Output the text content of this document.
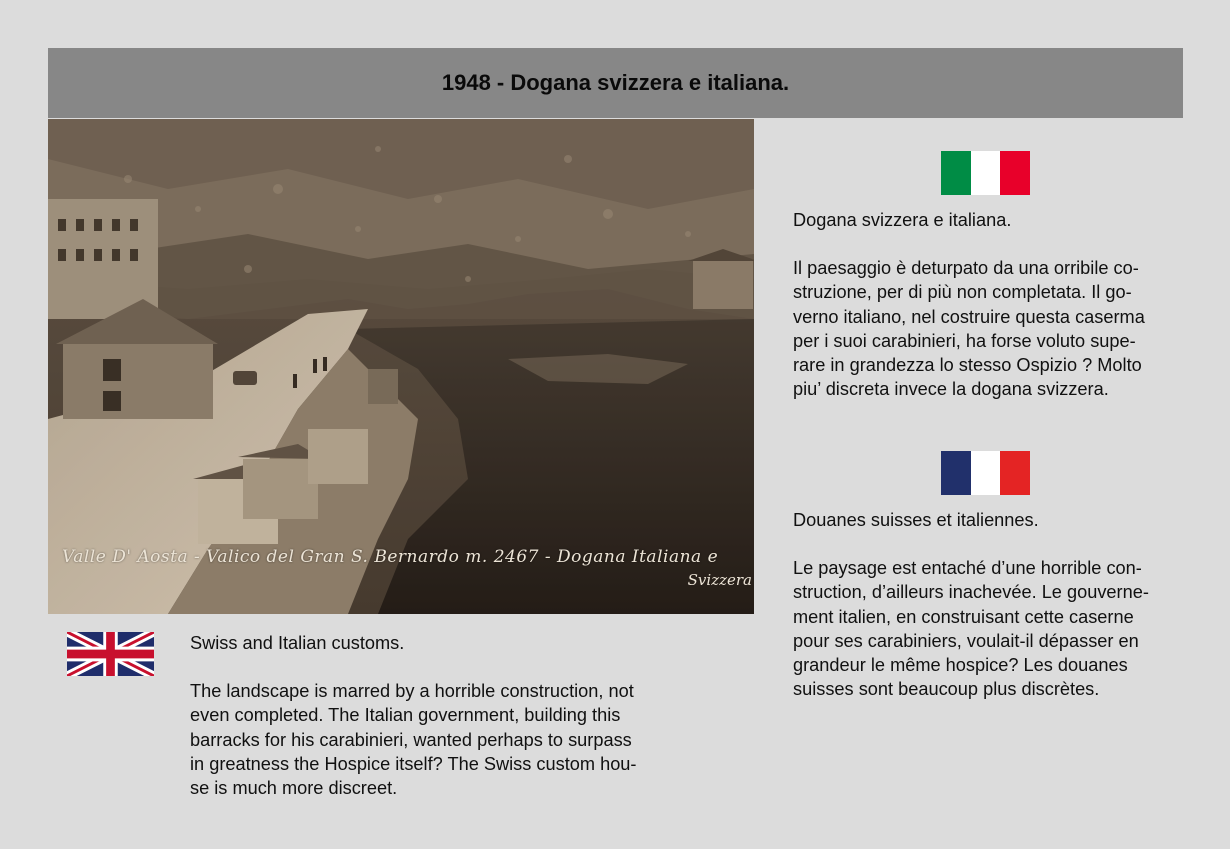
1948 - Dogana svizzera e italiana.
Valle D' Aosta - Valico del Gran S. Bernardo m. 2467 - Dogana Italiana e
Svizzera

Dogana svizzera e italiana.

Il paesaggio è deturpato da una orribile co-

struzione, per di più non completata. Il go-

verno italiano, nel costruire questa caserma

per i suoi carabinieri, ha forse voluto supe-

rare in grandezza lo stesso Ospizio ? Molto

piu’ discreta invece la dogana svizzera.

Douanes suisses et italiennes.

Le paysage est entaché d’une horrible con-

struction, d’ailleurs inachevée. Le gouverne-

ment italien, en construisant cette caserne

pour ses carabiniers, voulait-il dépasser en

grandeur le même hospice? Les douanes

suisses sont beaucoup plus discrètes.

Swiss and Italian customs.

The landscape is marred by a horrible construction, not

even completed. The Italian government, building this

barracks for his carabinieri, wanted perhaps to surpass

in greatness the Hospice itself? The Swiss custom hou-

se is much more discreet.
